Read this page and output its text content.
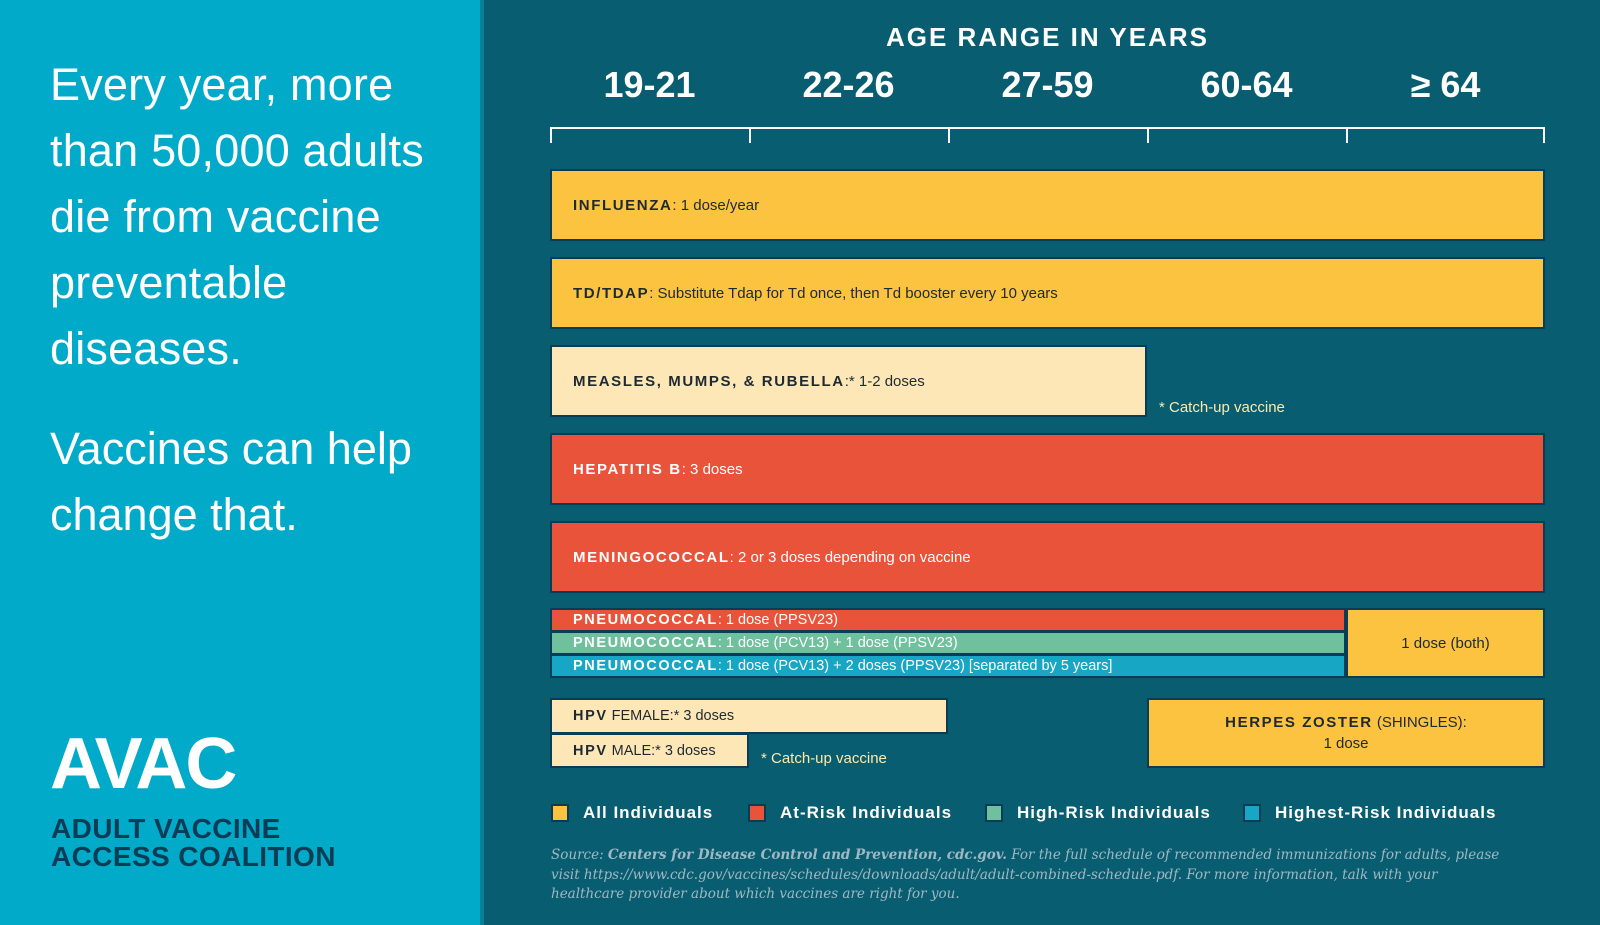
Every year, more than 50,000 adults die from vaccine preventable diseases.
Vaccines can help change that.
AVAC
ADULT VACCINE
ACCESS COALITION
AGE RANGE IN YEARS
19-21	22-26	27-59	60-64	≥ 64
INFLUENZA: 1 dose/year
TD/TDAP: Substitute Tdap for Td once, then Td booster every 10 years
MEASLES, MUMPS, & RUBELLA:* 1-2 doses
HEPATITIS B: 3 doses
MENINGOCOCCAL: 2 or 3 doses depending on vaccine
PNEUMOCOCCAL: 1 dose (PPSV23)
PNEUMOCOCCAL: 1 dose (PCV13) + 1 dose (PPSV23)
PNEUMOCOCCAL: 1 dose (PCV13) + 2 doses (PPSV23) [separated by 5 years]
1 dose (both)
HPV FEMALE:* 3 doses
HPV MALE:* 3 doses
HERPES ZOSTER (SHINGLES):
1 dose
* Catch-up vaccine
* Catch-up vaccine
All Individuals	At-Risk Individuals	High-Risk Individuals	Highest-Risk Individuals
Source: Centers for Disease Control and Prevention, cdc.gov. For the full schedule of recommended immunizations for adults, please visit https://www.cdc.gov/vaccines/schedules/downloads/adult/adult-combined-schedule.pdf. For more information, talk with your healthcare provider about which vaccines are right for you.
